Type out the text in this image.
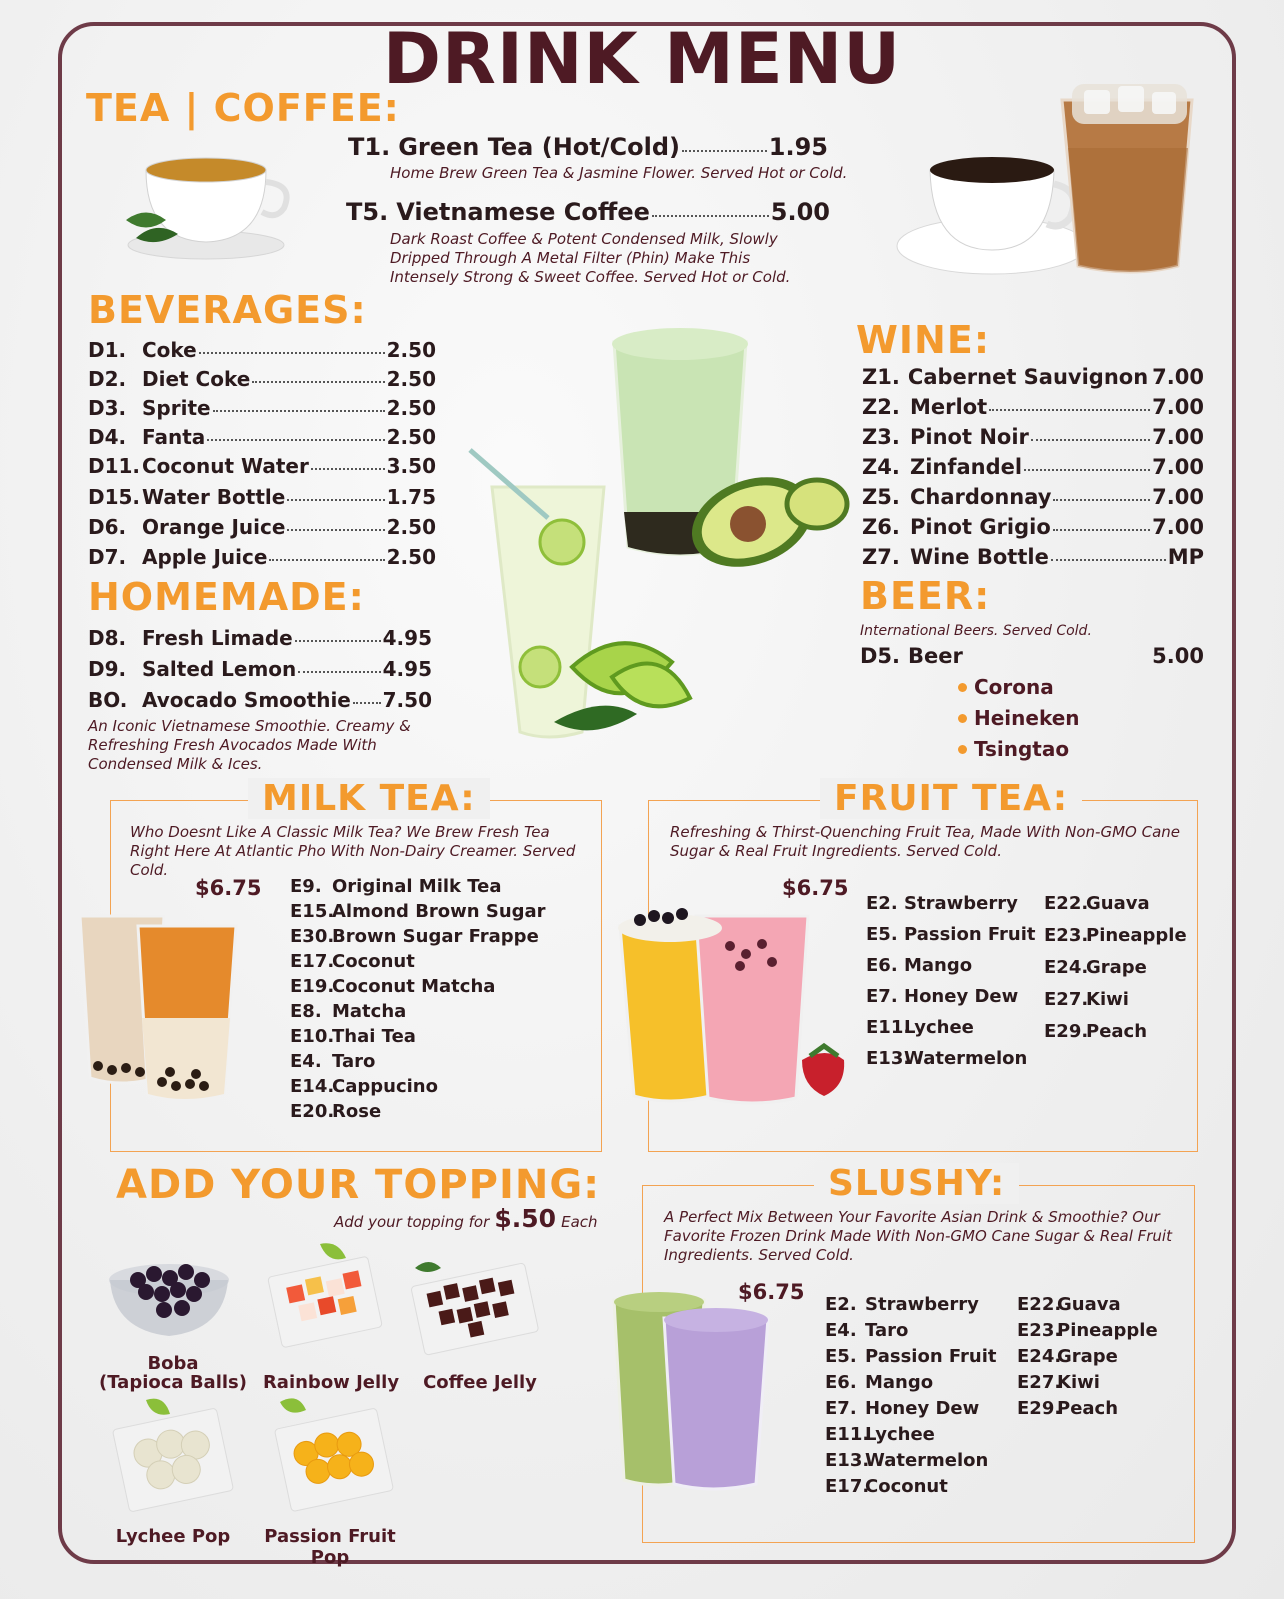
DRINK MENU
TEA | COFFEE:
T1. Green Tea (Hot/Cold)	1.95
Home Brew Green Tea & Jasmine Flower. Served Hot or Cold.
T5. Vietnamese Coffee	5.00
Dark Roast Coffee & Potent Condensed Milk, Slowly Dripped Through A Metal Filter (Phin) Make This Intensely Strong & Sweet Coffee. Served Hot or Cold.
BEVERAGES:
D1. Coke	2.50
D2. Diet Coke	2.50
D3. Sprite	2.50
D4. Fanta	2.50
D11. Coconut Water	3.50
D15. Water Bottle	1.75
D6. Orange Juice	2.50
D7. Apple Juice	2.50
HOMEMADE:
D8. Fresh Limade	4.95
D9. Salted Lemon	4.95
BO. Avocado Smoothie 7.50
An Iconic Vietnamese Smoothie. Creamy & Refreshing Fresh Avocados Made With Condensed Milk & Ices.
WINE:
Z1. Cabernet Sauvignon 7.00
Z2. Merlot	7.00
Z3. Pinot Noir	7.00
Z4. Zinfandel	7.00
Z5. Chardonnay	7.00
Z6. Pinot Grigio	7.00
Z7. Wine Bottle	MP
BEER:
International Beers. Served Cold.
D5. Beer	5.00
Corona
Heineken
Tsingtao
MILK TEA:
Who Doesnt Like A Classic Milk Tea? We Brew Fresh Tea Right Here At Atlantic Pho With Non-Dairy Creamer. Served Cold.
$6.75 E9. Original Milk Tea
E15.Almond Brown Sugar
E30.Brown Sugar Frappe
E17.Coconut
E19.Coconut Matcha
E8. Matcha
E10.Thai Tea
E4. Taro
E14.Cappucino
E20.Rose
FRUIT TEA:
Refreshing & Thirst-Quenching Fruit Tea, Made With Non-GMO Cane Sugar & Real Fruit Ingredients. Served Cold.
$6.75
E2. Strawberry
E5. Passion Fruit
E6. Mango
E7. Honey Dew
E11.Lychee
E13.Watermelon
E22.Guava
E23.Pineapple
E24.Grape
E27.Kiwi
E29.Peach
ADD YOUR TOPPING:
Add your topping for $.50 Each
Boba
(Tapioca Balls) Rainbow Jelly	Coffee Jelly
Lychee Pop	Passion Fruit Pop
SLUSHY:
A Perfect Mix Between Your Favorite Asian Drink & Smoothie? Our Favorite Frozen Drink Made With Non-GMO Cane Sugar & Real Fruit Ingredients. Served Cold.
$6.75
E2. Strawberry
E4. Taro
E5. Passion Fruit
E6. Mango
E7. Honey Dew
E11.Lychee
E13.Watermelon
E17.Coconut
E22.Guava
E23.Pineapple
E24.Grape
E27.Kiwi
E29.Peach
